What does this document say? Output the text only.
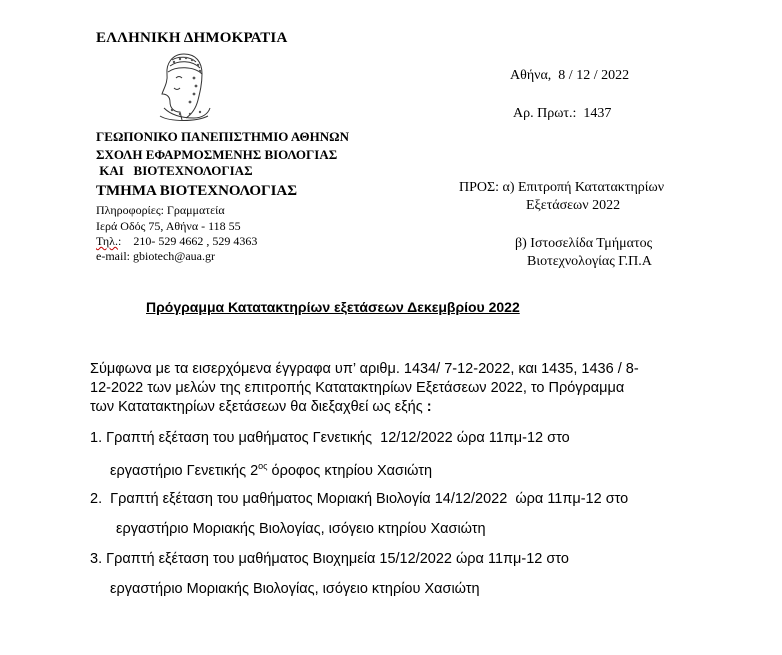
ΕΛΛΗΝΙΚΗ ΔΗΜΟΚΡΑΤΙΑ
ΓΕΩΠΟΝΙΚΟ ΠΑΝΕΠΙΣΤΗΜΙΟ ΑΘΗΝΩΝ
ΣΧΟΛΗ ΕΦΑΡΜΟΣΜΕΝΗΣ ΒΙΟΛΟΓΙΑΣ
ΚΑΙ   ΒΙΟΤΕΧΝΟΛΟΓΙΑΣ
ΤΜΗΜΑ ΒΙΟΤΕΧΝΟΛΟΓΙΑΣ
Πληροφορίες: Γραμματεία
Ιερά Οδός 75, Αθήνα - 118 55
Τηλ.:    210- 529 4662 , 529 4363
e-mail: gbiotech@aua.gr
Αθήνα,  8 / 12 / 2022
Αρ. Πρωτ.:  1437
ΠΡΟΣ: α) Επιτροπή Κατατακτηρίων
Εξετάσεων 2022
β) Ιστοσελίδα Τμήματος
Βιοτεχνολογίας Γ.Π.Α
Πρόγραμμα Κατατακτηρίων εξετάσεων Δεκεμβρίου 2022
Σύμφωνα με τα εισερχόμενα έγγραφα υπ’ αριθμ. 1434/ 7-12-2022, και 1435, 1436 / 8-
12-2022 των μελών της επιτροπής Κατατακτηρίων Εξετάσεων 2022, το Πρόγραμμα
των Κατατακτηρίων εξετάσεων θα διεξαχθεί ως εξής :
1. Γραπτή εξέταση του μαθήματος Γενετικής  12/12/2022 ώρα 11πμ-12 στο
εργαστήριο Γενετικής $2^{o\varsigma}$ όροφος κτηρίου Χασιώτη
2.  Γραπτή εξέταση του μαθήματος Μοριακή Βιολογία 14/12/2022  ώρα 11πμ-12 στο
εργαστήριο Μοριακής Βιολογίας, ισόγειο κτηρίου Χασιώτη
3. Γραπτή εξέταση του μαθήματος Βιοχημεία 15/12/2022 ώρα 11πμ-12 στο
εργαστήριο Μοριακής Βιολογίας, ισόγειο κτηρίου Χασιώτη
